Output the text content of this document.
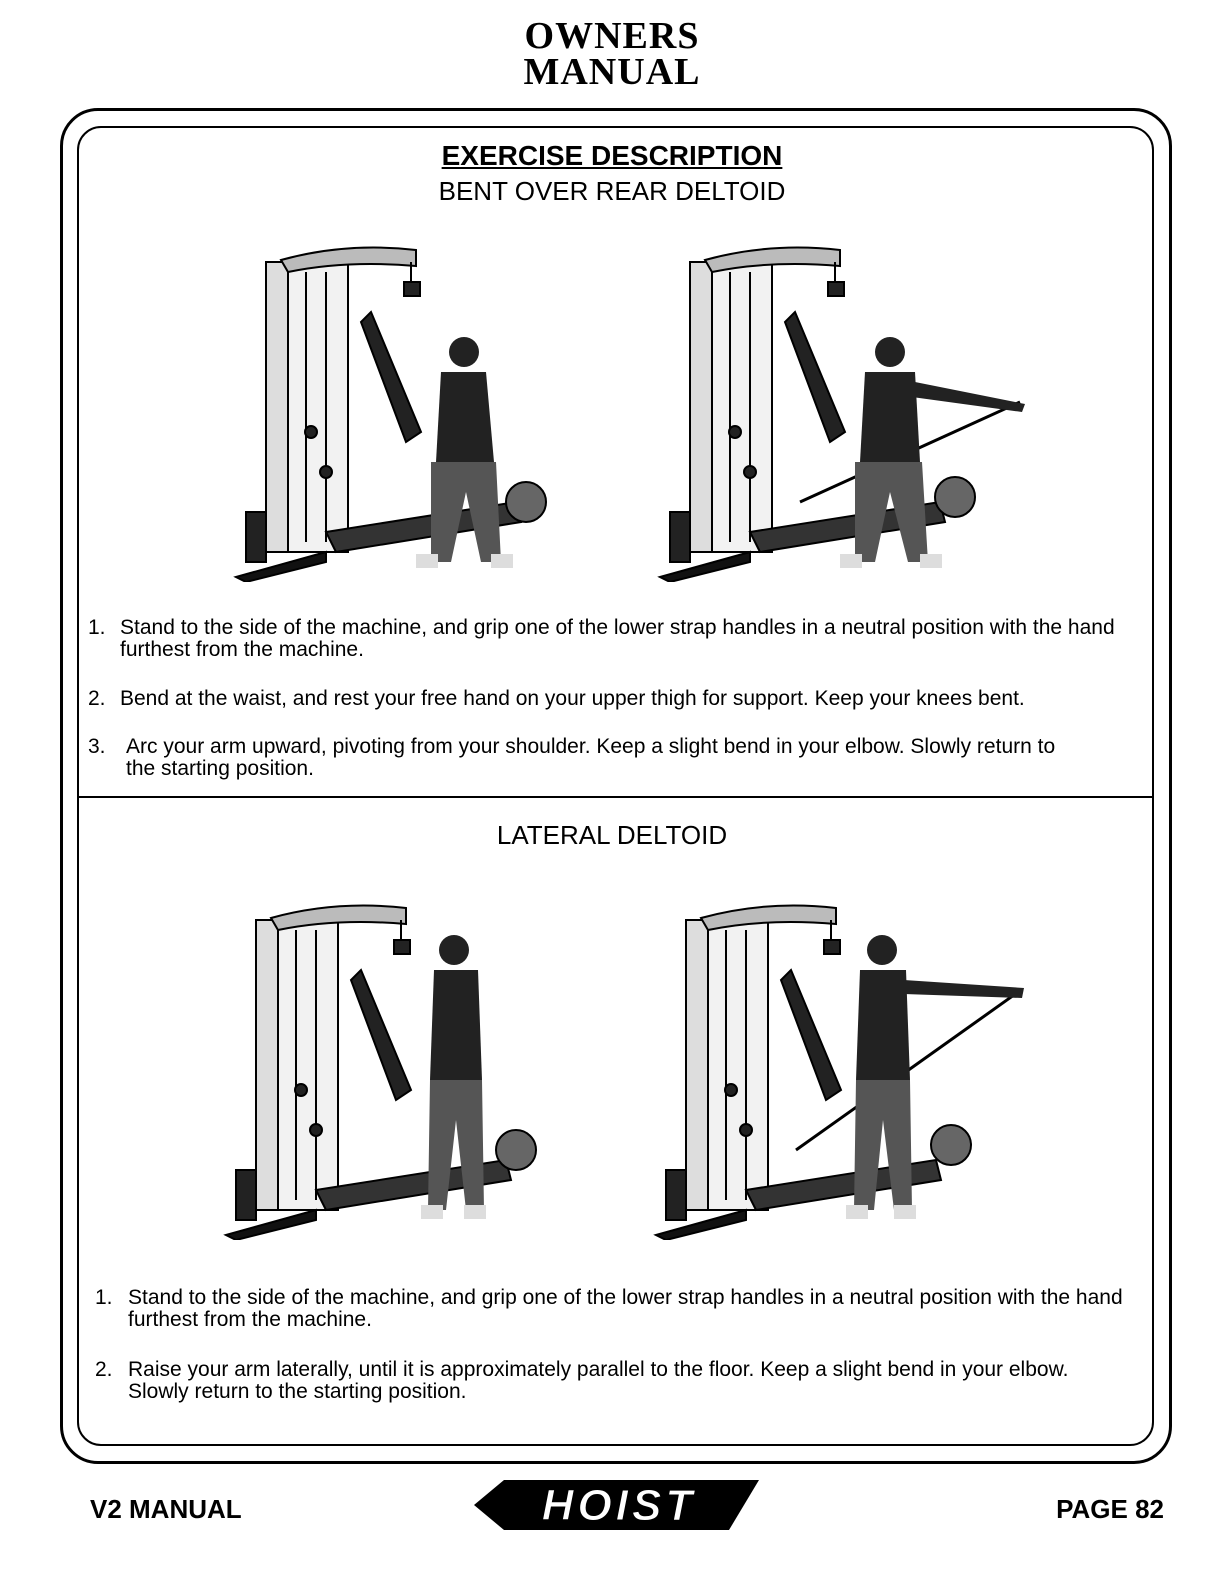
OWNERS
MANUAL
EXERCISE DESCRIPTION
BENT OVER REAR DELTOID
1. Stand to the side of the machine, and grip one of the lower strap handles in a neutral position with the hand furthest from the machine.
2. Bend at the waist, and rest your free hand on your upper thigh for support. Keep your knees bent.
3. Arc your arm upward, pivoting from your shoulder. Keep a slight bend in your elbow. Slowly return to the starting position.
LATERAL DELTOID
1. Stand to the side of the machine, and grip one of the lower strap handles in a neutral position with the hand furthest from the machine.
2. Raise your arm laterally, until it is approximately parallel to the floor. Keep a slight bend in your elbow. Slowly return to the starting position.
V2 MANUAL	HOIST	PAGE 82
